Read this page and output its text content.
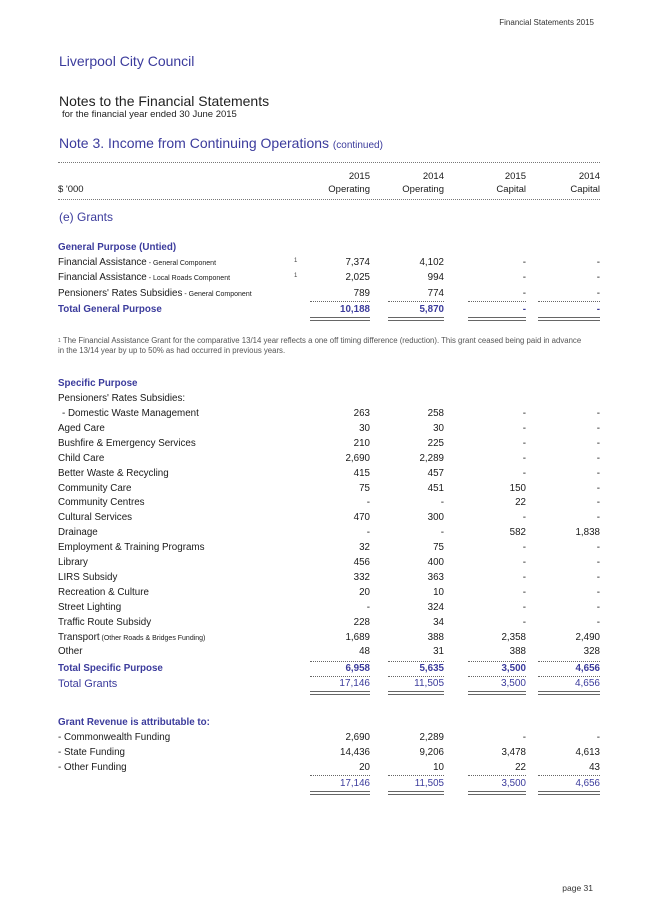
Financial Statements 2015
Liverpool City Council
Notes to the Financial Statements
for the financial year ended 30 June 2015
Note 3. Income from Continuing Operations (continued)
$ '000
2015	2014	2015	2014
Operating	Operating	Capital	Capital
(e) Grants
General Purpose (Untied)
Financial Assistance - General Component	1	7,374	4,102	-	-
Financial Assistance - Local Roads Component	1	2,025	994	-	-
Pensioners' Rates Subsidies - General Component	789	774	-	-
Total General Purpose	10,188	5,870	-	-
$^1$ The Financial Assistance Grant for the comparative 13/14 year reflects a one off timing difference (reduction). This grant ceased being paid in advance in the 13/14 year by up to 50% as had occurred in previous years.
Specific Purpose
Pensioners' Rates Subsidies:
- Domestic Waste Management	263	258	-	-
Aged Care	30	30	-	-
Bushfire & Emergency Services	210	225	-	-
Child Care	2,690	2,289	-	-
Better Waste & Recycling	415	457	-	-
Community Care	75	451	150	-
Community Centres	-	-	22	-
Cultural Services	470	300	-	-
Drainage	-	-	582	1,838
Employment & Training Programs	32	75	-	-
Library	456	400	-	-
LIRS Subsidy	332	363	-	-
Recreation & Culture	20	10	-	-
Street Lighting	-	324	-	-
Traffic Route Subsidy	228	34	-	-
Transport (Other Roads & Bridges Funding)	1,689	388	2,358	2,490
Other	48	31	388	328
Total Specific Purpose	6,958	5,635	3,500	4,656
Total Grants	17,146	11,505	3,500	4,656
Grant Revenue is attributable to:
- Commonwealth Funding	2,690	2,289	-	-
- State Funding	14,436	9,206	3,478	4,613
- Other Funding	20	10	22	43
17,146	11,505	3,500	4,656
page 31
